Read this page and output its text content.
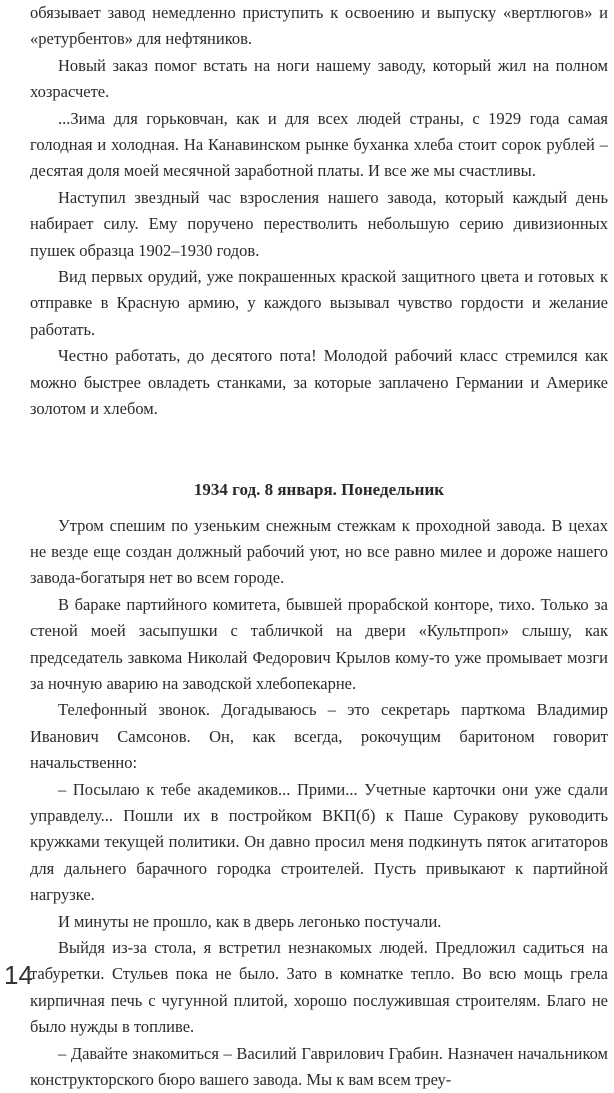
обязывает завод немедленно приступить к освоению и выпуску «вертлюгов» и «ретурбентов» для нефтяников.

Новый заказ помог встать на ноги нашему заводу, который жил на полном хозрасчете.

...Зима для горьковчан, как и для всех людей страны, с 1929 года самая голодная и холодная. На Канавинском рынке буханка хлеба стоит сорок рублей – десятая доля моей месячной заработной платы. И все же мы счастливы.

Наступил звездный час взросления нашего завода, который каждый день набирает силу. Ему поручено перестволить небольшую серию дивизионных пушек образца 1902–1930 годов.

Вид первых орудий, уже покрашенных краской защитного цвета и готовых к отправке в Красную армию, у каждого вызывал чувство гордости и желание работать.

Честно работать, до десятого пота! Молодой рабочий класс стремился как можно быстрее овладеть станками, за которые заплачено Германии и Америке золотом и хлебом.

1934 год. 8 января. Понедельник

Утром спешим по узеньким снежным стежкам к проходной завода. В цехах не везде еще создан должный рабочий уют, но все равно милее и дороже нашего завода-богатыря нет во всем городе.

В бараке партийного комитета, бывшей прорабской конторе, тихо. Только за стеной моей засыпушки с табличкой на двери «Культпроп» слышу, как председатель завкома Николай Федорович Крылов кому-то уже промывает мозги за ночную аварию на заводской хлебопекарне.

Телефонный звонок. Догадываюсь – это секретарь парткома Владимир Иванович Самсонов. Он, как всегда, рокочущим баритоном говорит начальственно:

– Посылаю к тебе академиков... Прими... Учетные карточки они уже сдали управделу... Пошли их в постройком ВКП(б) к Паше Суракову руководить кружками текущей политики. Он давно просил меня подкинуть пяток агитаторов для дальнего барачного городка строителей. Пусть привыкают к партийной нагрузке.

И минуты не прошло, как в дверь легонько постучали.

Выйдя из-за стола, я встретил незнакомых людей. Предложил садиться на табуретки. Стульев пока не было. Зато в комнатке тепло. Во всю мощь грела кирпичная печь с чугунной плитой, хорошо послужившая строителям. Благо не было нужды в топливе.

– Давайте знакомиться – Василий Гаврилович Грабин. Назначен начальником конструкторского бюро вашего завода. Мы к вам всем треу-

14
